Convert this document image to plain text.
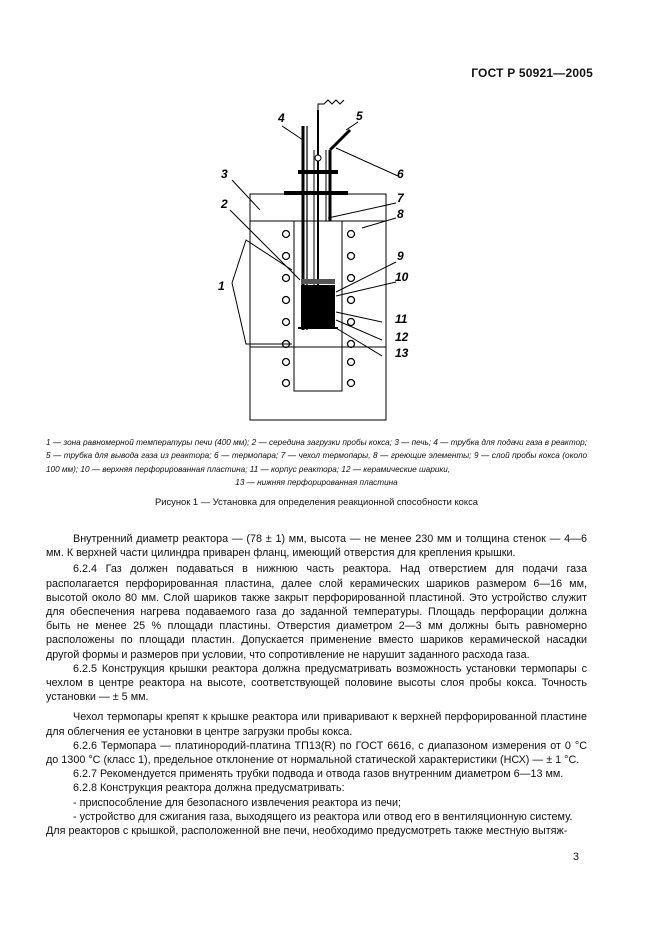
ГОСТ Р 50921—2005
1
2
3
4	5
6
7
8
9
10
11
12
13
1 — зона равномерной температуры печи (400 мм); 2 — середина загрузки пробы кокса; 3 — печь; 4 — трубка для подачи газа в реактор; 5 — трубка для вывода газа из реактора; 6 — термопара; 7 — чехол термопары, 8 — греющие элементы; 9 — слой пробы кокса (около 100 мм); 10 — верхняя перфорированная пластина; 11 — корпус реактора; 12 — керамические шарики,
13 — нижняя перфорированная пластина
Рисунок 1 — Установка для определения реакционной способности кокса

Внутренний диаметр реактора — (78 ± 1) мм, высота — не менее 230 мм и толщина стенок — 4—6 мм. К верхней части цилиндра приварен фланц, имеющий отверстия для крепления крышки.

6.2.4 Газ должен подаваться в нижнюю часть реактора. Над отверстием для подачи газа располагается перфорированная пластина, далее слой керамических шариков размером 6—16 мм, высотой около 80 мм. Слой шариков также закрыт перфорированной пластиной. Это устройство служит для обеспечения нагрева подаваемого газа до заданной температуры. Площадь перфорации должна быть не менее 25 % площади пластины. Отверстия диаметром 2—3 мм должны быть равномерно расположены по площади пластин. Допускается применение вместо шариков керамической насадки другой формы и размеров при условии, что сопротивление не нарушит заданного расхода газа.

6.2.5 Конструкция крышки реактора должна предусматривать возможность установки термопары с чехлом в центре реактора на высоте, соответствующей половине высоты слоя пробы кокса. Точность установки — ± 5 мм.

Чехол термопары крепят к крышке реактора или приваривают к верхней перфорированной пластине для облегчения ее установки в центре загрузки пробы кокса.

6.2.6 Термопара — платинородий-платина ТП13(R) по ГОСТ 6616, с диапазоном измерения от 0 °С до 1300 °С (класс 1), предельное отклонение от нормальной статической характеристики (НСХ) — ± 1 °С.

6.2.7 Рекомендуется применять трубки подвода и отвода газов внутренним диаметром 6—13 мм.

6.2.8 Конструкция реактора должна предусматривать:

- приспособление для безопасного извлечения реактора из печи;

- устройство для сжигания газа, выходящего из реактора или отвод его в вентиляционную систему.

Для реакторов с крышкой, расположенной вне печи, необходимо предусмотреть также местную вытяж-

3
